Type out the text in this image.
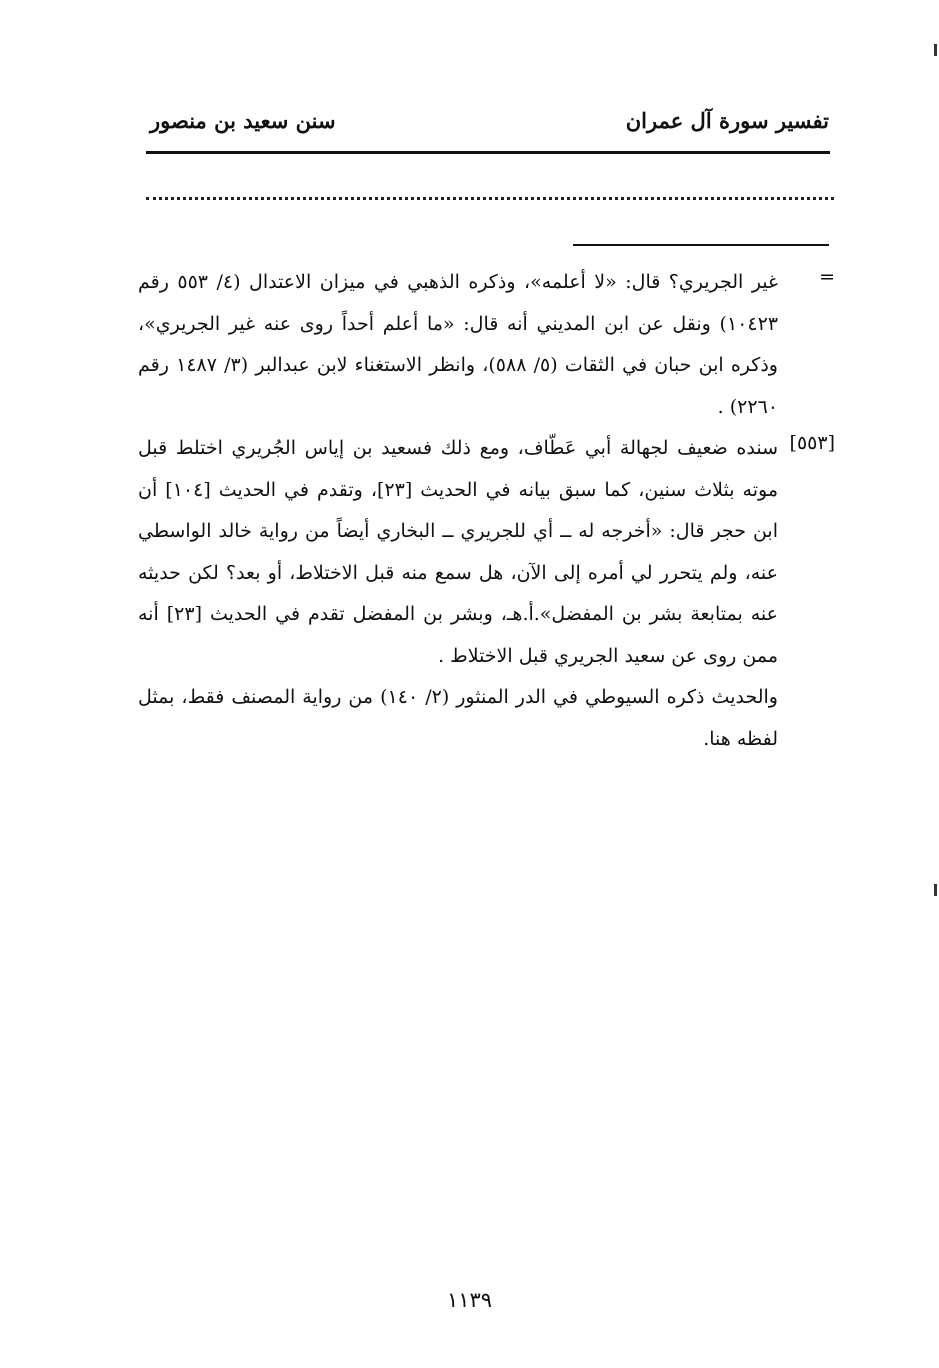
تفسير سورة آل عمران
سنن سعيد بن منصور
=
[٥٥٣]

غير الجريري؟ قال: «لا أعلمه»، وذكره الذهبي في ميزان الاعتدال (٤/ ٥٥٣ رقم ١٠٤٢٣) ونقل عن ابن المديني أنه قال: «ما أعلم أحداً روى عنه غير الجريري»، وذكره ابن حبان في الثقات (٥/ ٥٨٨)، وانظر الاستغناء لابن عبدالبر (٣/ ١٤٨٧ رقم ٢٢٦٠) .

سنده ضعيف لجهالة أبي عَطّاف، ومع ذلك فسعيد بن إياس الجُريري اختلط قبل موته بثلاث سنين، كما سبق بيانه في الحديث [٢٣]، وتقدم في الحديث [١٠٤] أن ابن حجر قال: «أخرجه له ــ أي للجريري ــ البخاري أيضاً من رواية خالد الواسطي عنه، ولم يتحرر لي أمره إلى الآن، هل سمع منه قبل الاختلاط، أو بعد؟ لكن حديثه عنه بمتابعة بشر بن المفضل».أ.هـ، وبشر بن المفضل تقدم في الحديث [٢٣] أنه ممن روى عن سعيد الجريري قبل الاختلاط .

والحديث ذكره السيوطي في الدر المنثور (٢/ ١٤٠) من رواية المصنف فقط، بمثل لفظه هنا.

١١٣٩
